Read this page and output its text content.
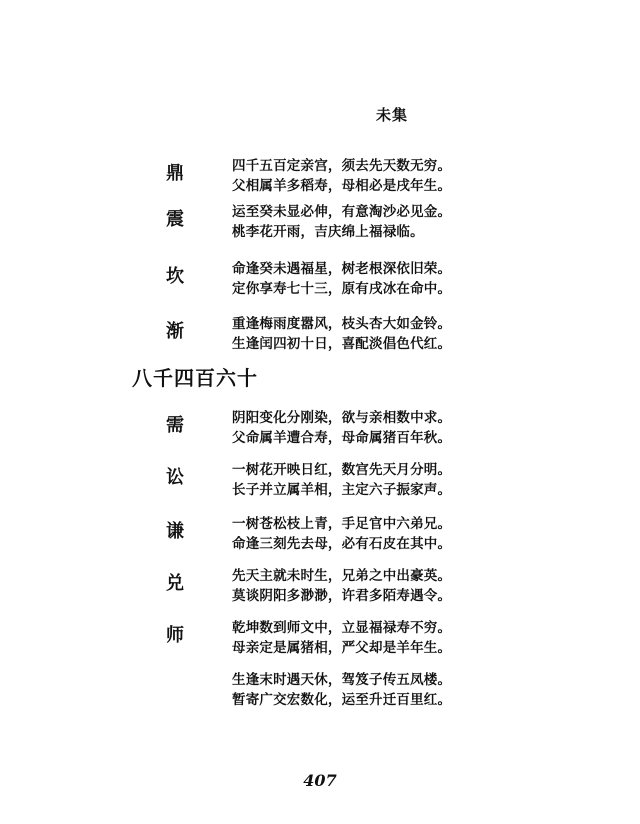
未集
鼎	四千五百定亲宫，须去先天数无穷。
父相属羊多稻寿，母相必是戌年生。
震	运至癸未显必伸，有意淘沙必见金。
桃李花开雨，吉庆绵上福禄临。
坎	命逢癸未遇福星，树老根深依旧荣。
定你享寿七十三，原有戌冰在命中。
渐	重逢梅雨度嚣风，枝头杏大如金铃。
生逢闰四初十日，喜配淡倡色代红。
八千四百六十
需	阴阳变化分刚染，欲与亲相数中求。
父命属羊遭合寿，母命属猪百年秋。
讼	一树花开映日红，数宫先天月分明。
长子并立属羊相，主定六子振家声。
谦	一树苍松枝上青，手足官中六弟兄。
命逢三刻先去母，必有石皮在其中。
兑	先天主就未时生，兄弟之中出豪英。
莫谈阴阳多渺渺，许君多陌寿遇令。
师	乾坤数到师文中，立显福禄寿不穷。
母亲定是属猪相，严父却是羊年生。
生逢末时遇天休，驾笈子传五凤楼。
暂寄广交宏数化，运至升迁百里红。
407
